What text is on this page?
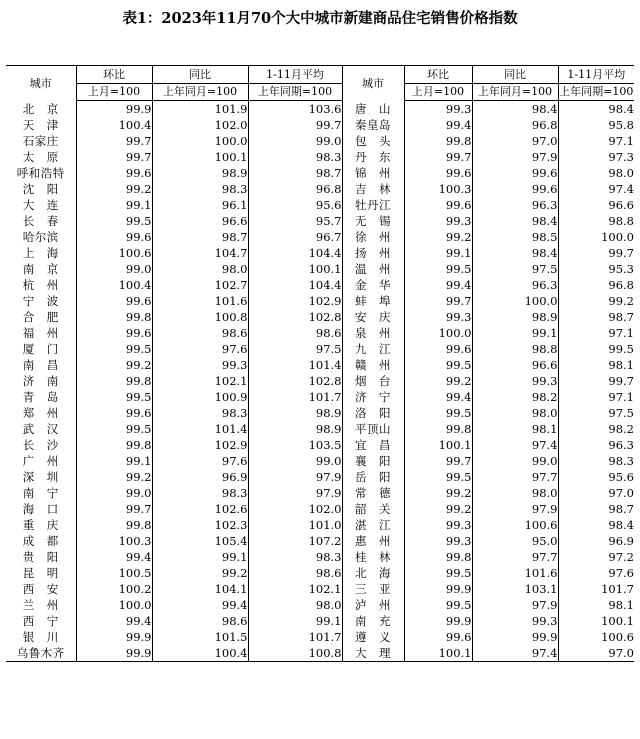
表1：2023年11月70个大中城市新建商品住宅销售价格指数
城市	环比	同比	1-11月平均	城市	环比	同比	1-11月平均
	上月=100	上年同月=100	上年同期=100		上月=100	上年同月=100	上年同期=100
北　京	99.9	101.9	103.6	唐　山	99.3	98.4	98.4
天　津	100.4	102.0	99.7	秦皇岛	99.4	96.8	95.8
石家庄	99.7	100.0	99.0	包　头	99.8	97.0	97.1
太　原	99.7	100.1	98.3	丹　东	99.7	97.9	97.3
呼和浩特	99.6	98.9	98.7	锦　州	99.6	99.6	98.0
沈　阳	99.2	98.3	96.8	吉　林	100.3	99.6	97.4
大　连	99.1	96.1	95.6	牡丹江	99.6	96.3	96.6
长　春	99.5	96.6	95.7	无　锡	99.3	98.4	98.8
哈尔滨	99.6	98.7	96.7	徐　州	99.2	98.5	100.0
上　海	100.6	104.7	104.4	扬　州	99.1	98.4	99.7
南　京	99.0	98.0	100.1	温　州	99.5	97.5	95.3
杭　州	100.4	102.7	104.4	金　华	99.4	96.3	96.8
宁　波	99.6	101.6	102.9	蚌　埠	99.7	100.0	99.2
合　肥	99.8	100.8	102.8	安　庆	99.3	98.9	98.7
福　州	99.6	98.6	98.6	泉　州	100.0	99.1	97.1
厦　门	99.5	97.6	97.5	九　江	99.6	98.8	99.5
南　昌	99.2	99.3	101.4	赣　州	99.5	96.6	98.1
济　南	99.8	102.1	102.8	烟　台	99.2	99.3	99.7
青　岛	99.5	100.9	101.7	济　宁	99.4	98.2	97.1
郑　州	99.6	98.3	98.9	洛　阳	99.5	98.0	97.5
武　汉	99.5	101.4	98.9	平顶山	99.8	98.1	98.2
长　沙	99.8	102.9	103.5	宜　昌	100.1	97.4	96.3
广　州	99.1	97.6	99.0	襄　阳	99.7	99.0	98.3
深　圳	99.2	96.9	97.9	岳　阳	99.5	97.7	95.6
南　宁	99.0	98.3	97.9	常　德	99.2	98.0	97.0
海　口	99.7	102.6	102.0	韶　关	99.2	97.9	98.7
重　庆	99.8	102.3	101.0	湛　江	99.3	100.6	98.4
成　都	100.3	105.4	107.2	惠　州	99.3	95.0	96.9
贵　阳	99.4	99.1	98.3	桂　林	99.8	97.7	97.2
昆　明	100.5	99.2	98.6	北　海	99.5	101.6	97.6
西　安	100.2	104.1	102.1	三　亚	99.9	103.1	101.7
兰　州	100.0	99.4	98.0	泸　州	99.5	97.9	98.1
西　宁	99.4	98.6	99.1	南　充	99.9	99.3	100.1
银　川	99.9	101.5	101.7	遵　义	99.6	99.9	100.6
乌鲁木齐	99.9	100.4	100.8	大　理	100.1	97.4	97.0
